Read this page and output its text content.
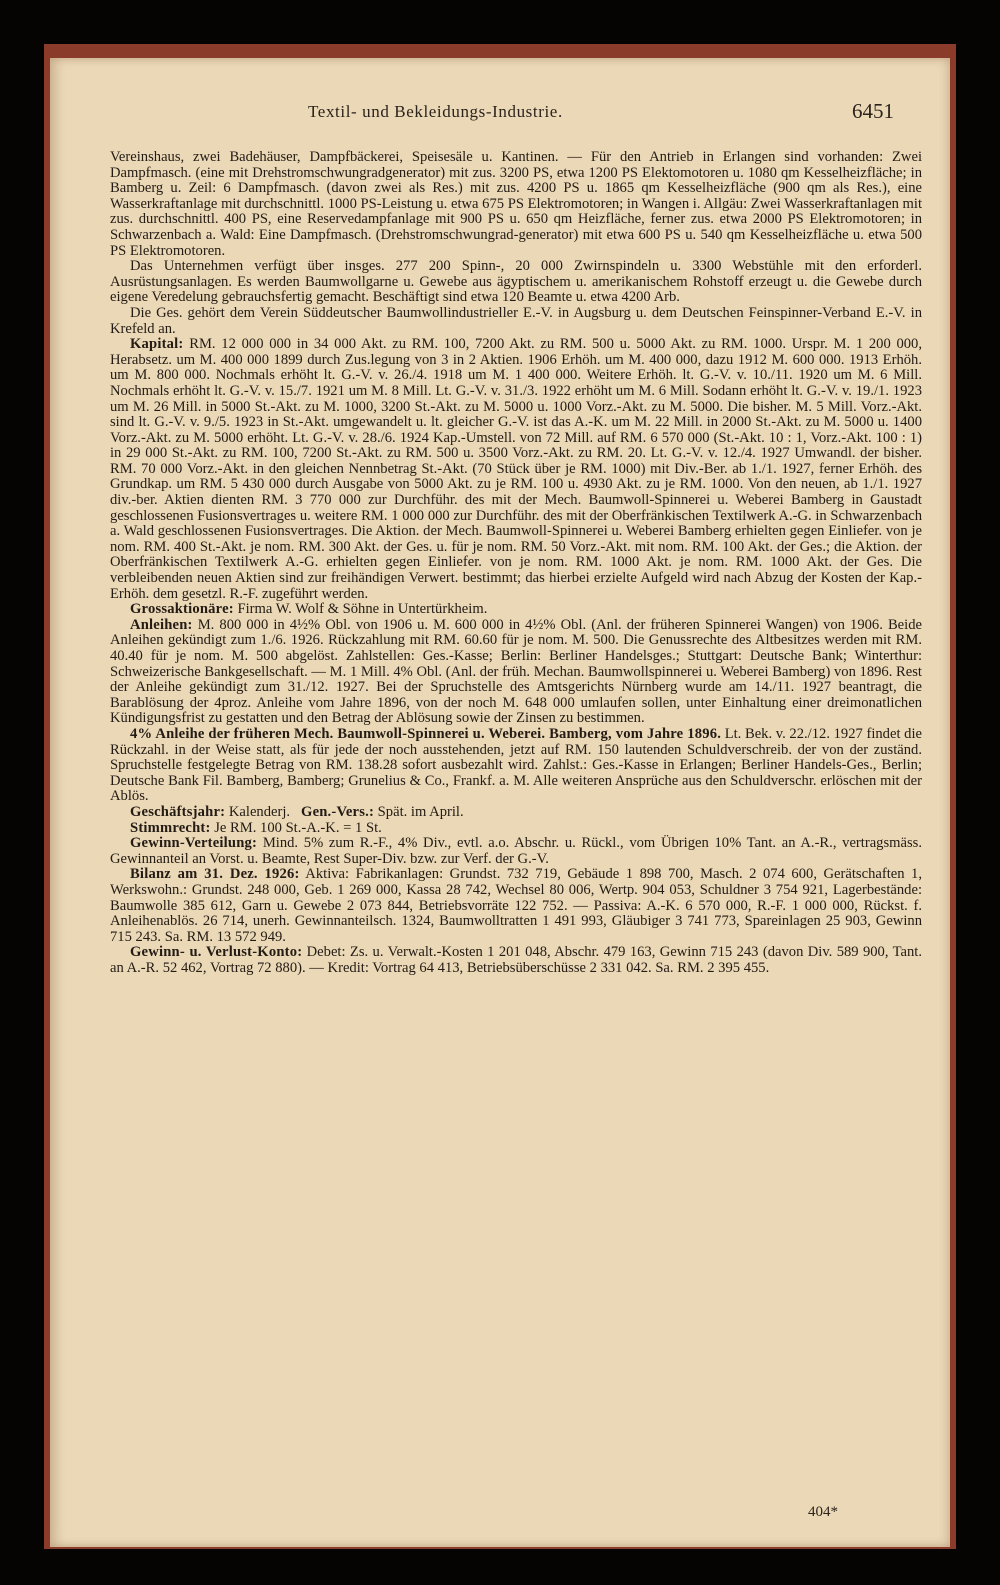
Textil- und Bekleidungs-Industrie.	6451

Vereinshaus, zwei Badehäuser, Dampfbäckerei, Speisesäle u. Kantinen. — Für den Antrieb in Erlangen sind vorhanden: Zwei Dampfmasch. (eine mit Drehstromschwungradgenerator) mit zus. 3200 PS, etwa 1200 PS Elektomotoren u. 1080 qm Kesselheizfläche; in Bamberg u. Zeil: 6 Dampfmasch. (davon zwei als Res.) mit zus. 4200 PS u. 1865 qm Kesselheizfläche (900 qm als Res.), eine Wasserkraftanlage mit durchschnittl. 1000 PS-Leistung u. etwa 675 PS Elektromotoren; in Wangen i. Allgäu: Zwei Wasserkraftanlagen mit zus. durchschnittl. 400 PS, eine Reservedampfanlage mit 900 PS u. 650 qm Heizfläche, ferner zus. etwa 2000 PS Elektromotoren; in Schwarzenbach a. Wald: Eine Dampfmasch. (Drehstromschwungrad-generator) mit etwa 600 PS u. 540 qm Kesselheizfläche u. etwa 500 PS Elektromotoren.

Das Unternehmen verfügt über insges. 277 200 Spinn-, 20 000 Zwirnspindeln u. 3300 Webstühle mit den erforderl. Ausrüstungsanlagen. Es werden Baumwollgarne u. Gewebe aus ägyptischem u. amerikanischem Rohstoff erzeugt u. die Gewebe durch eigene Veredelung gebrauchsfertig gemacht. Beschäftigt sind etwa 120 Beamte u. etwa 4200 Arb.

Die Ges. gehört dem Verein Süddeutscher Baumwollindustrieller E.-V. in Augsburg u. dem Deutschen Feinspinner-Verband E.-V. in Krefeld an.

Kapital: RM. 12 000 000 in 34 000 Akt. zu RM. 100, 7200 Akt. zu RM. 500 u. 5000 Akt. zu RM. 1000. Urspr. M. 1 200 000, Herabsetz. um M. 400 000 1899 durch Zus.legung von 3 in 2 Aktien. 1906 Erhöh. um M. 400 000, dazu 1912 M. 600 000. 1913 Erhöh. um M. 800 000. Nochmals erhöht lt. G.-V. v. 26./4. 1918 um M. 1 400 000. Weitere Erhöh. lt. G.-V. v. 10./11. 1920 um M. 6 Mill. Nochmals erhöht lt. G.-V. v. 15./7. 1921 um M. 8 Mill. Lt. G.-V. v. 31./3. 1922 erhöht um M. 6 Mill. Sodann erhöht lt. G.-V. v. 19./1. 1923 um M. 26 Mill. in 5000 St.-Akt. zu M. 1000, 3200 St.-Akt. zu M. 5000 u. 1000 Vorz.-Akt. zu M. 5000. Die bisher. M. 5 Mill. Vorz.-Akt. sind lt. G.-V. v. 9./5. 1923 in St.-Akt. umgewandelt u. lt. gleicher G.-V. ist das A.-K. um M. 22 Mill. in 2000 St.-Akt. zu M. 5000 u. 1400 Vorz.-Akt. zu M. 5000 erhöht. Lt. G.-V. v. 28./6. 1924 Kap.-Umstell. von 72 Mill. auf RM. 6 570 000 (St.-Akt. 10 : 1, Vorz.-Akt. 100 : 1) in 29 000 St.-Akt. zu RM. 100, 7200 St.-Akt. zu RM. 500 u. 3500 Vorz.-Akt. zu RM. 20. Lt. G.-V. v. 12./4. 1927 Umwandl. der bisher. RM. 70 000 Vorz.-Akt. in den gleichen Nennbetrag St.-Akt. (70 Stück über je RM. 1000) mit Div.-Ber. ab 1./1. 1927, ferner Erhöh. des Grundkap. um RM. 5 430 000 durch Ausgabe von 5000 Akt. zu je RM. 100 u. 4930 Akt. zu je RM. 1000. Von den neuen, ab 1./1. 1927 div.-ber. Aktien dienten RM. 3 770 000 zur Durchführ. des mit der Mech. Baumwoll-Spinnerei u. Weberei Bamberg in Gaustadt geschlossenen Fusionsvertrages u. weitere RM. 1 000 000 zur Durchführ. des mit der Oberfränkischen Textilwerk A.-G. in Schwarzenbach a. Wald geschlossenen Fusionsvertrages. Die Aktion. der Mech. Baumwoll-Spinnerei u. Weberei Bamberg erhielten gegen Einliefer. von je nom. RM. 400 St.-Akt. je nom. RM. 300 Akt. der Ges. u. für je nom. RM. 50 Vorz.-Akt. mit nom. RM. 100 Akt. der Ges.; die Aktion. der Oberfränkischen Textilwerk A.-G. erhielten gegen Einliefer. von je nom. RM. 1000 Akt. je nom. RM. 1000 Akt. der Ges. Die verbleibenden neuen Aktien sind zur freihändigen Verwert. bestimmt; das hierbei erzielte Aufgeld wird nach Abzug der Kosten der Kap.-Erhöh. dem gesetzl. R.-F. zugeführt werden.

Grossaktionäre: Firma W. Wolf & Söhne in Untertürkheim.

Anleihen: M. 800 000 in 4½% Obl. von 1906 u. M. 600 000 in 4½% Obl. (Anl. der früheren Spinnerei Wangen) von 1906. Beide Anleihen gekündigt zum 1./6. 1926. Rückzahlung mit RM. 60.60 für je nom. M. 500. Die Genussrechte des Altbesitzes werden mit RM. 40.40 für je nom. M. 500 abgelöst. Zahlstellen: Ges.-Kasse; Berlin: Berliner Handelsges.; Stuttgart: Deutsche Bank; Winterthur: Schweizerische Bankgesellschaft. — M. 1 Mill. 4% Obl. (Anl. der früh. Mechan. Baumwollspinnerei u. Weberei Bamberg) von 1896. Rest der Anleihe gekündigt zum 31./12. 1927. Bei der Spruchstelle des Amtsgerichts Nürnberg wurde am 14./11. 1927 beantragt, die Barablösung der 4proz. Anleihe vom Jahre 1896, von der noch M. 648 000 umlaufen sollen, unter Einhaltung einer dreimonatlichen Kündigungsfrist zu gestatten und den Betrag der Ablösung sowie der Zinsen zu bestimmen.

4% Anleihe der früheren Mech. Baumwoll-Spinnerei u. Weberei. Bamberg, vom Jahre 1896. Lt. Bek. v. 22./12. 1927 findet die Rückzahl. in der Weise statt, als für jede der noch ausstehenden, jetzt auf RM. 150 lautenden Schuldverschreib. der von der zuständ. Spruchstelle festgelegte Betrag von RM. 138.28 sofort ausbezahlt wird. Zahlst.: Ges.-Kasse in Erlangen; Berliner Handels-Ges., Berlin; Deutsche Bank Fil. Bamberg, Bamberg; Grunelius & Co., Frankf. a. M. Alle weiteren Ansprüche aus den Schuldverschr. erlöschen mit der Ablös.

Geschäftsjahr: Kalenderj. Gen.-Vers.: Spät. im April.

Stimmrecht: Je RM. 100 St.-A.-K. = 1 St.

Gewinn-Verteilung: Mind. 5% zum R.-F., 4% Div., evtl. a.o. Abschr. u. Rückl., vom Übrigen 10% Tant. an A.-R., vertragsmäss. Gewinnanteil an Vorst. u. Beamte, Rest Super-Div. bzw. zur Verf. der G.-V.

Bilanz am 31. Dez. 1926: Aktiva: Fabrikanlagen: Grundst. 732 719, Gebäude 1 898 700, Masch. 2 074 600, Gerätschaften 1, Werkswohn.: Grundst. 248 000, Geb. 1 269 000, Kassa 28 742, Wechsel 80 006, Wertp. 904 053, Schuldner 3 754 921, Lagerbestände: Baumwolle 385 612, Garn u. Gewebe 2 073 844, Betriebsvorräte 122 752. — Passiva: A.-K. 6 570 000, R.-F. 1 000 000, Rückst. f. Anleihenablös. 26 714, unerh. Gewinnanteilsch. 1324, Baumwolltratten 1 491 993, Gläubiger 3 741 773, Spareinlagen 25 903, Gewinn 715 243. Sa. RM. 13 572 949.

Gewinn- u. Verlust-Konto: Debet: Zs. u. Verwalt.-Kosten 1 201 048, Abschr. 479 163, Gewinn 715 243 (davon Div. 589 900, Tant. an A.-R. 52 462, Vortrag 72 880). — Kredit: Vortrag 64 413, Betriebsüberschüsse 2 331 042. Sa. RM. 2 395 455.

404*
